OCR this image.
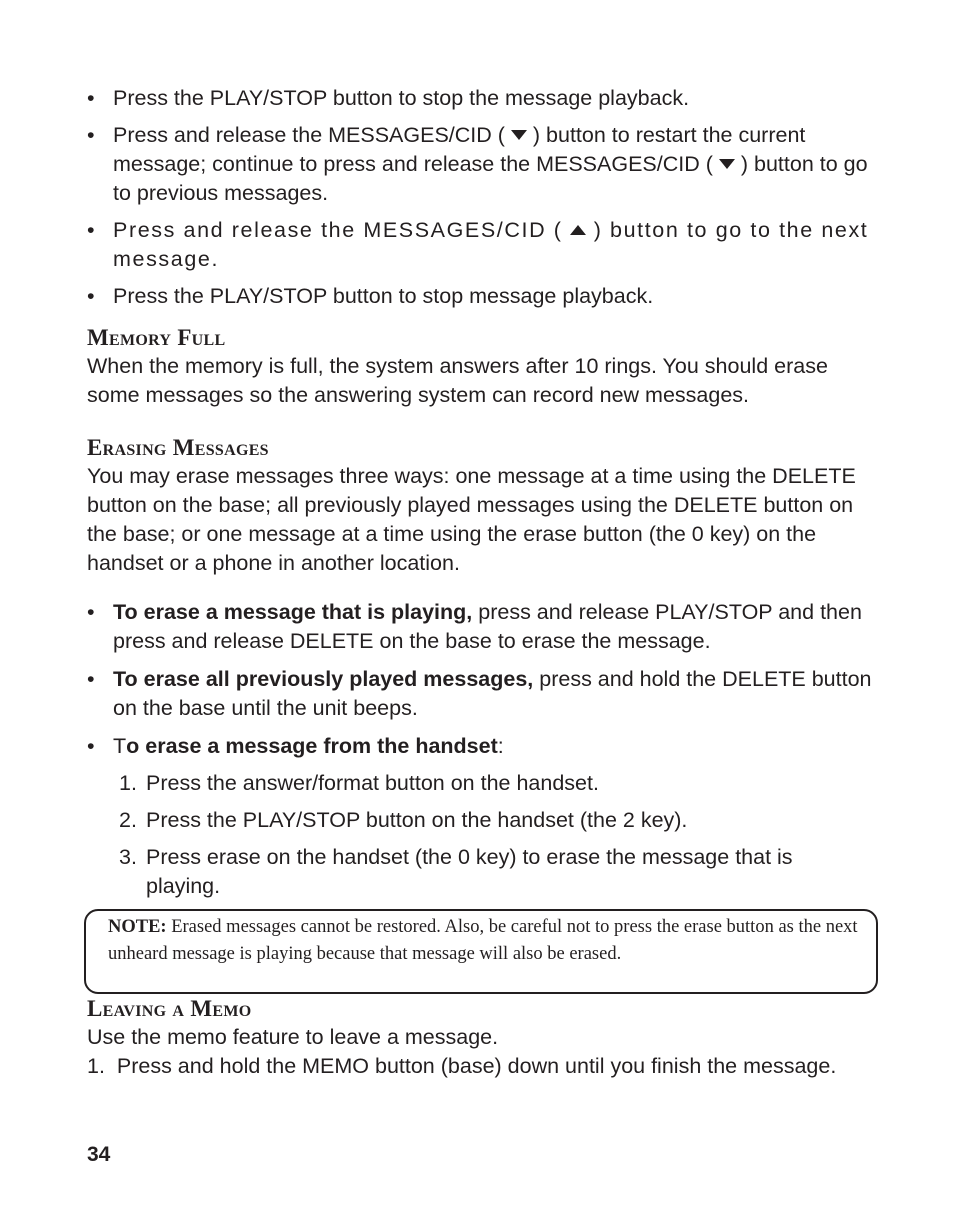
• Press the PLAY/STOP button to stop the message playback.
• Press and release the MESSAGES/CID ( ) button to restart the current message; continue to press and release the MESSAGES/CID ( ) button to go to previous messages.
• Press and release the MESSAGES/CID ( ) button to go to the next message.
• Press the PLAY/STOP button to stop message playback.
Memory Full
When the memory is full, the system answers after 10 rings. You should erase some messages so the answering system can record new messages.
Erasing Messages
You may erase messages three ways: one message at a time using the DELETE button on the base; all previously played messages using the DELETE button on the base; or one message at a time using the erase button (the 0 key) on the handset or a phone in another location.
• To erase a message that is playing, press and release PLAY/STOP and then press and release DELETE on the base to erase the message.
• To erase all previously played messages, press and hold the DELETE button on the base until the unit beeps.
• To erase a message from the handset:
1. Press the answer/format button on the handset.
2. Press the PLAY/STOP button on the handset (the 2 key).
3. Press erase on the handset (the 0 key) to erase the message that is playing.
Leaving a Memo
Use the memo feature to leave a message.
1.  Press and hold the MEMO button (base) down until you finish the message.
NOTE: Erased messages cannot be restored. Also, be careful not to press the erase button as the next unheard message is playing because that message will also be erased.
34
